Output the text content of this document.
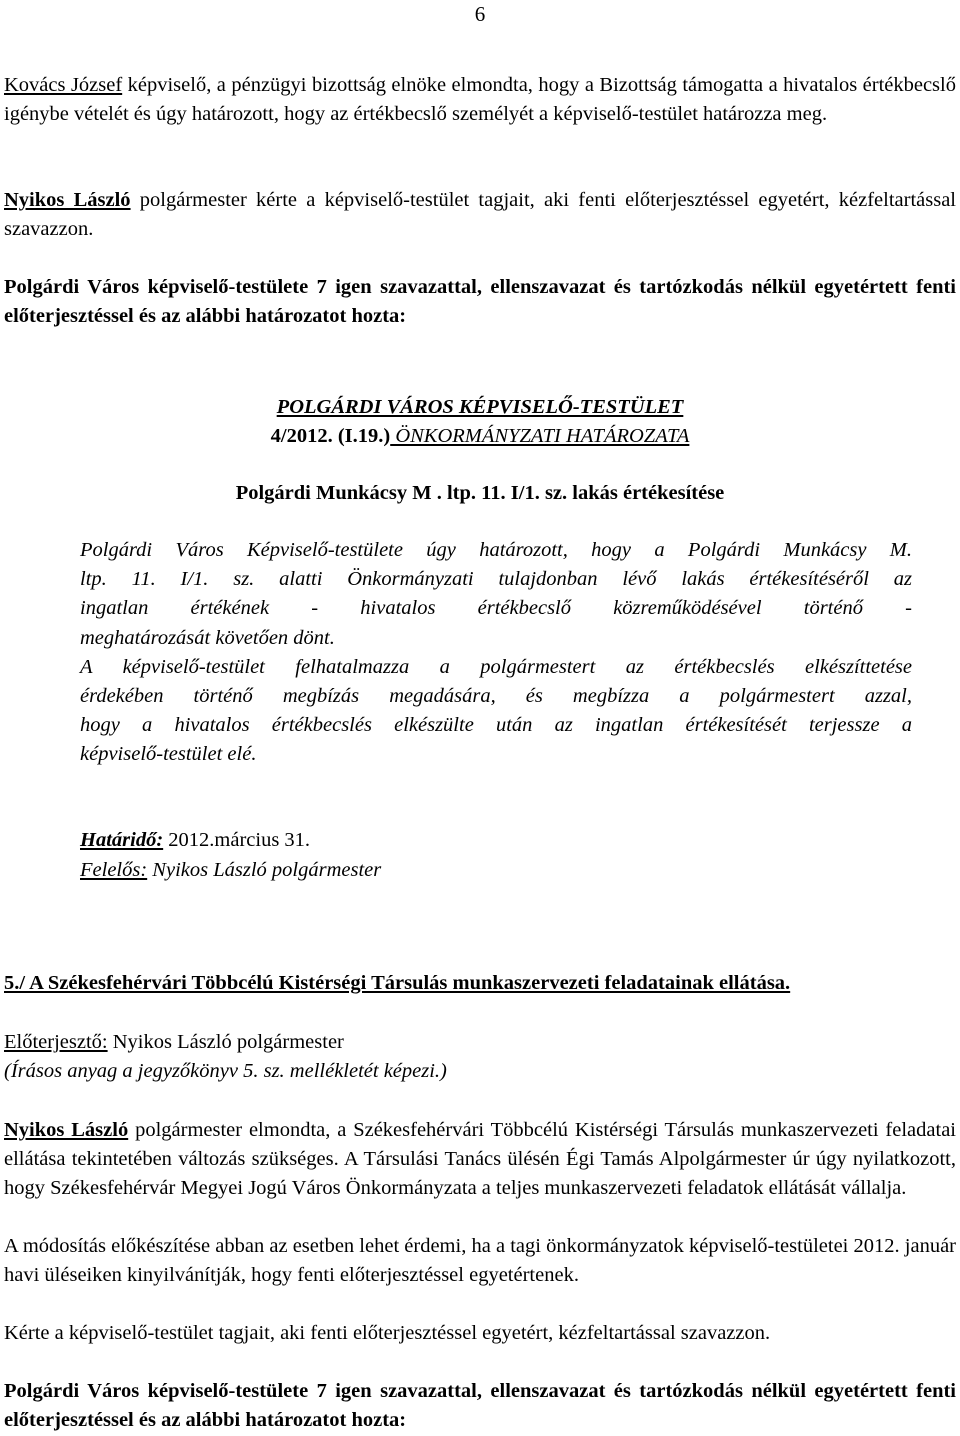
6
Kovács József képviselő, a pénzügyi bizottság elnöke elmondta, hogy a Bizottság támogatta a hivatalos értékbecslő igénybe vételét és úgy határozott, hogy az értékbecslő személyét a képviselő-testület határozza meg.
Nyikos László polgármester kérte a képviselő-testület tagjait, aki fenti előterjesztéssel egyetért, kézfeltartással szavazzon.
Polgárdi Város képviselő-testülete 7 igen szavazattal, ellenszavazat és tartózkodás nélkül egyetértett fenti előterjesztéssel és az alábbi határozatot hozta:
POLGÁRDI VÁROS KÉPVISELŐ-TESTÜLET
4/2012. (I.19.) ÖNKORMÁNYZATI HATÁROZATA
Polgárdi Munkácsy M . ltp. 11. I/1. sz. lakás értékesítése
Polgárdi Város Képviselő-testülete úgy határozott, hogy a Polgárdi Munkácsy M.
ltp. 11. I/1. sz. alatti Önkormányzati tulajdonban lévő lakás értékesítéséről az
ingatlan értékének - hivatalos értékbecslő közreműködésével történő -
meghatározását követően dönt.
A képviselő-testület felhatalmazza a polgármestert az értékbecslés elkészíttetése
érdekében történő megbízás megadására, és megbízza a polgármestert azzal,
hogy a hivatalos értékbecslés elkészülte után az ingatlan értékesítését terjessze a
képviselő-testület elé.
Határidő: 2012.március 31.
Felelős: Nyikos László polgármester
5./ A Székesfehérvári Többcélú Kistérségi Társulás munkaszervezeti feladatainak ellátása.
Előterjesztő: Nyikos László polgármester
(Írásos anyag a jegyzőkönyv 5. sz. mellékletét képezi.)
Nyikos László polgármester elmondta, a Székesfehérvári Többcélú Kistérségi Társulás munkaszervezeti feladatai ellátása tekintetében változás szükséges. A Társulási Tanács ülésén Égi Tamás Alpolgármester úr úgy nyilatkozott, hogy Székesfehérvár Megyei Jogú Város Önkormányzata a teljes munkaszervezeti feladatok ellátását vállalja.
A módosítás előkészítése abban az esetben lehet érdemi, ha a tagi önkormányzatok képviselő-testületei 2012. január havi üléseiken kinyilvánítják, hogy fenti előterjesztéssel egyetértenek.
Kérte a képviselő-testület tagjait, aki fenti előterjesztéssel egyetért, kézfeltartással szavazzon.
Polgárdi Város képviselő-testülete 7 igen szavazattal, ellenszavazat és tartózkodás nélkül egyetértett fenti előterjesztéssel és az alábbi határozatot hozta:
